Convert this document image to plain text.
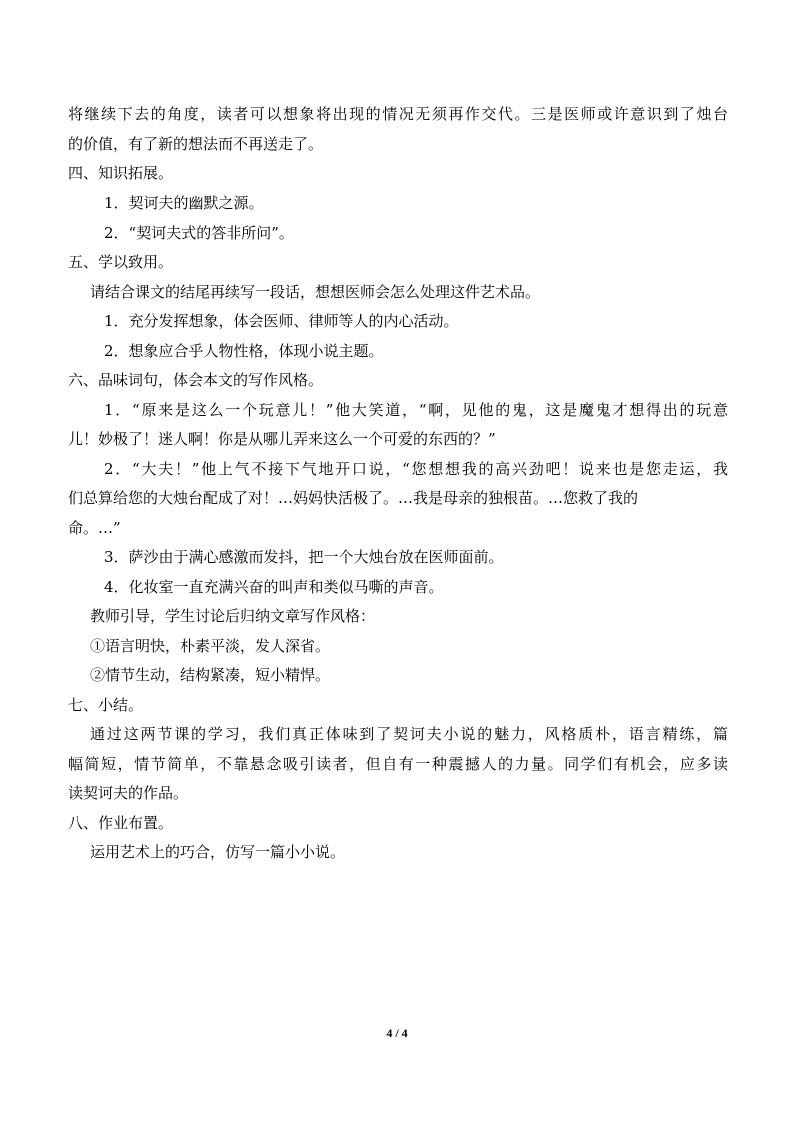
将继续下去的角度，读者可以想象将出现的情况无须再作交代。三是医师或许意识到了烛台
的价值，有了新的想法而不再送走了。
四、知识拓展。
1．契诃夫的幽默之源。
2．“契诃夫式的答非所问”。
五、学以致用。
请结合课文的结尾再续写一段话，想想医师会怎么处理这件艺术品。
1．充分发挥想象，体会医师、律师等人的内心活动。
2．想象应合乎人物性格，体现小说主题。
六、品味词句，体会本文的写作风格。
1．“原来是这么一个玩意儿！”他大笑道，“啊，见他的鬼，这是魔鬼才想得出的玩意
儿！妙极了！迷人啊！你是从哪儿弄来这么一个可爱的东西的？”
2．“大夫！”他上气不接下气地开口说，“您想想我的高兴劲吧！说来也是您走运，我
们总算给您的大烛台配成了对！…妈妈快活极了。…我是母亲的独根苗。…您救了我的
命。…”
3．萨沙由于满心感激而发抖，把一个大烛台放在医师面前。
4．化妆室一直充满兴奋的叫声和类似马嘶的声音。
教师引导，学生讨论后归纳文章写作风格：
①语言明快，朴素平淡，发人深省。
②情节生动，结构紧凑，短小精悍。
七、小结。
通过这两节课的学习，我们真正体味到了契诃夫小说的魅力，风格质朴，语言精练，篇
幅简短，情节简单，不靠悬念吸引读者，但自有一种震撼人的力量。同学们有机会，应多读
读契诃夫的作品。
八、作业布置。
运用艺术上的巧合，仿写一篇小小说。
4 / 4
